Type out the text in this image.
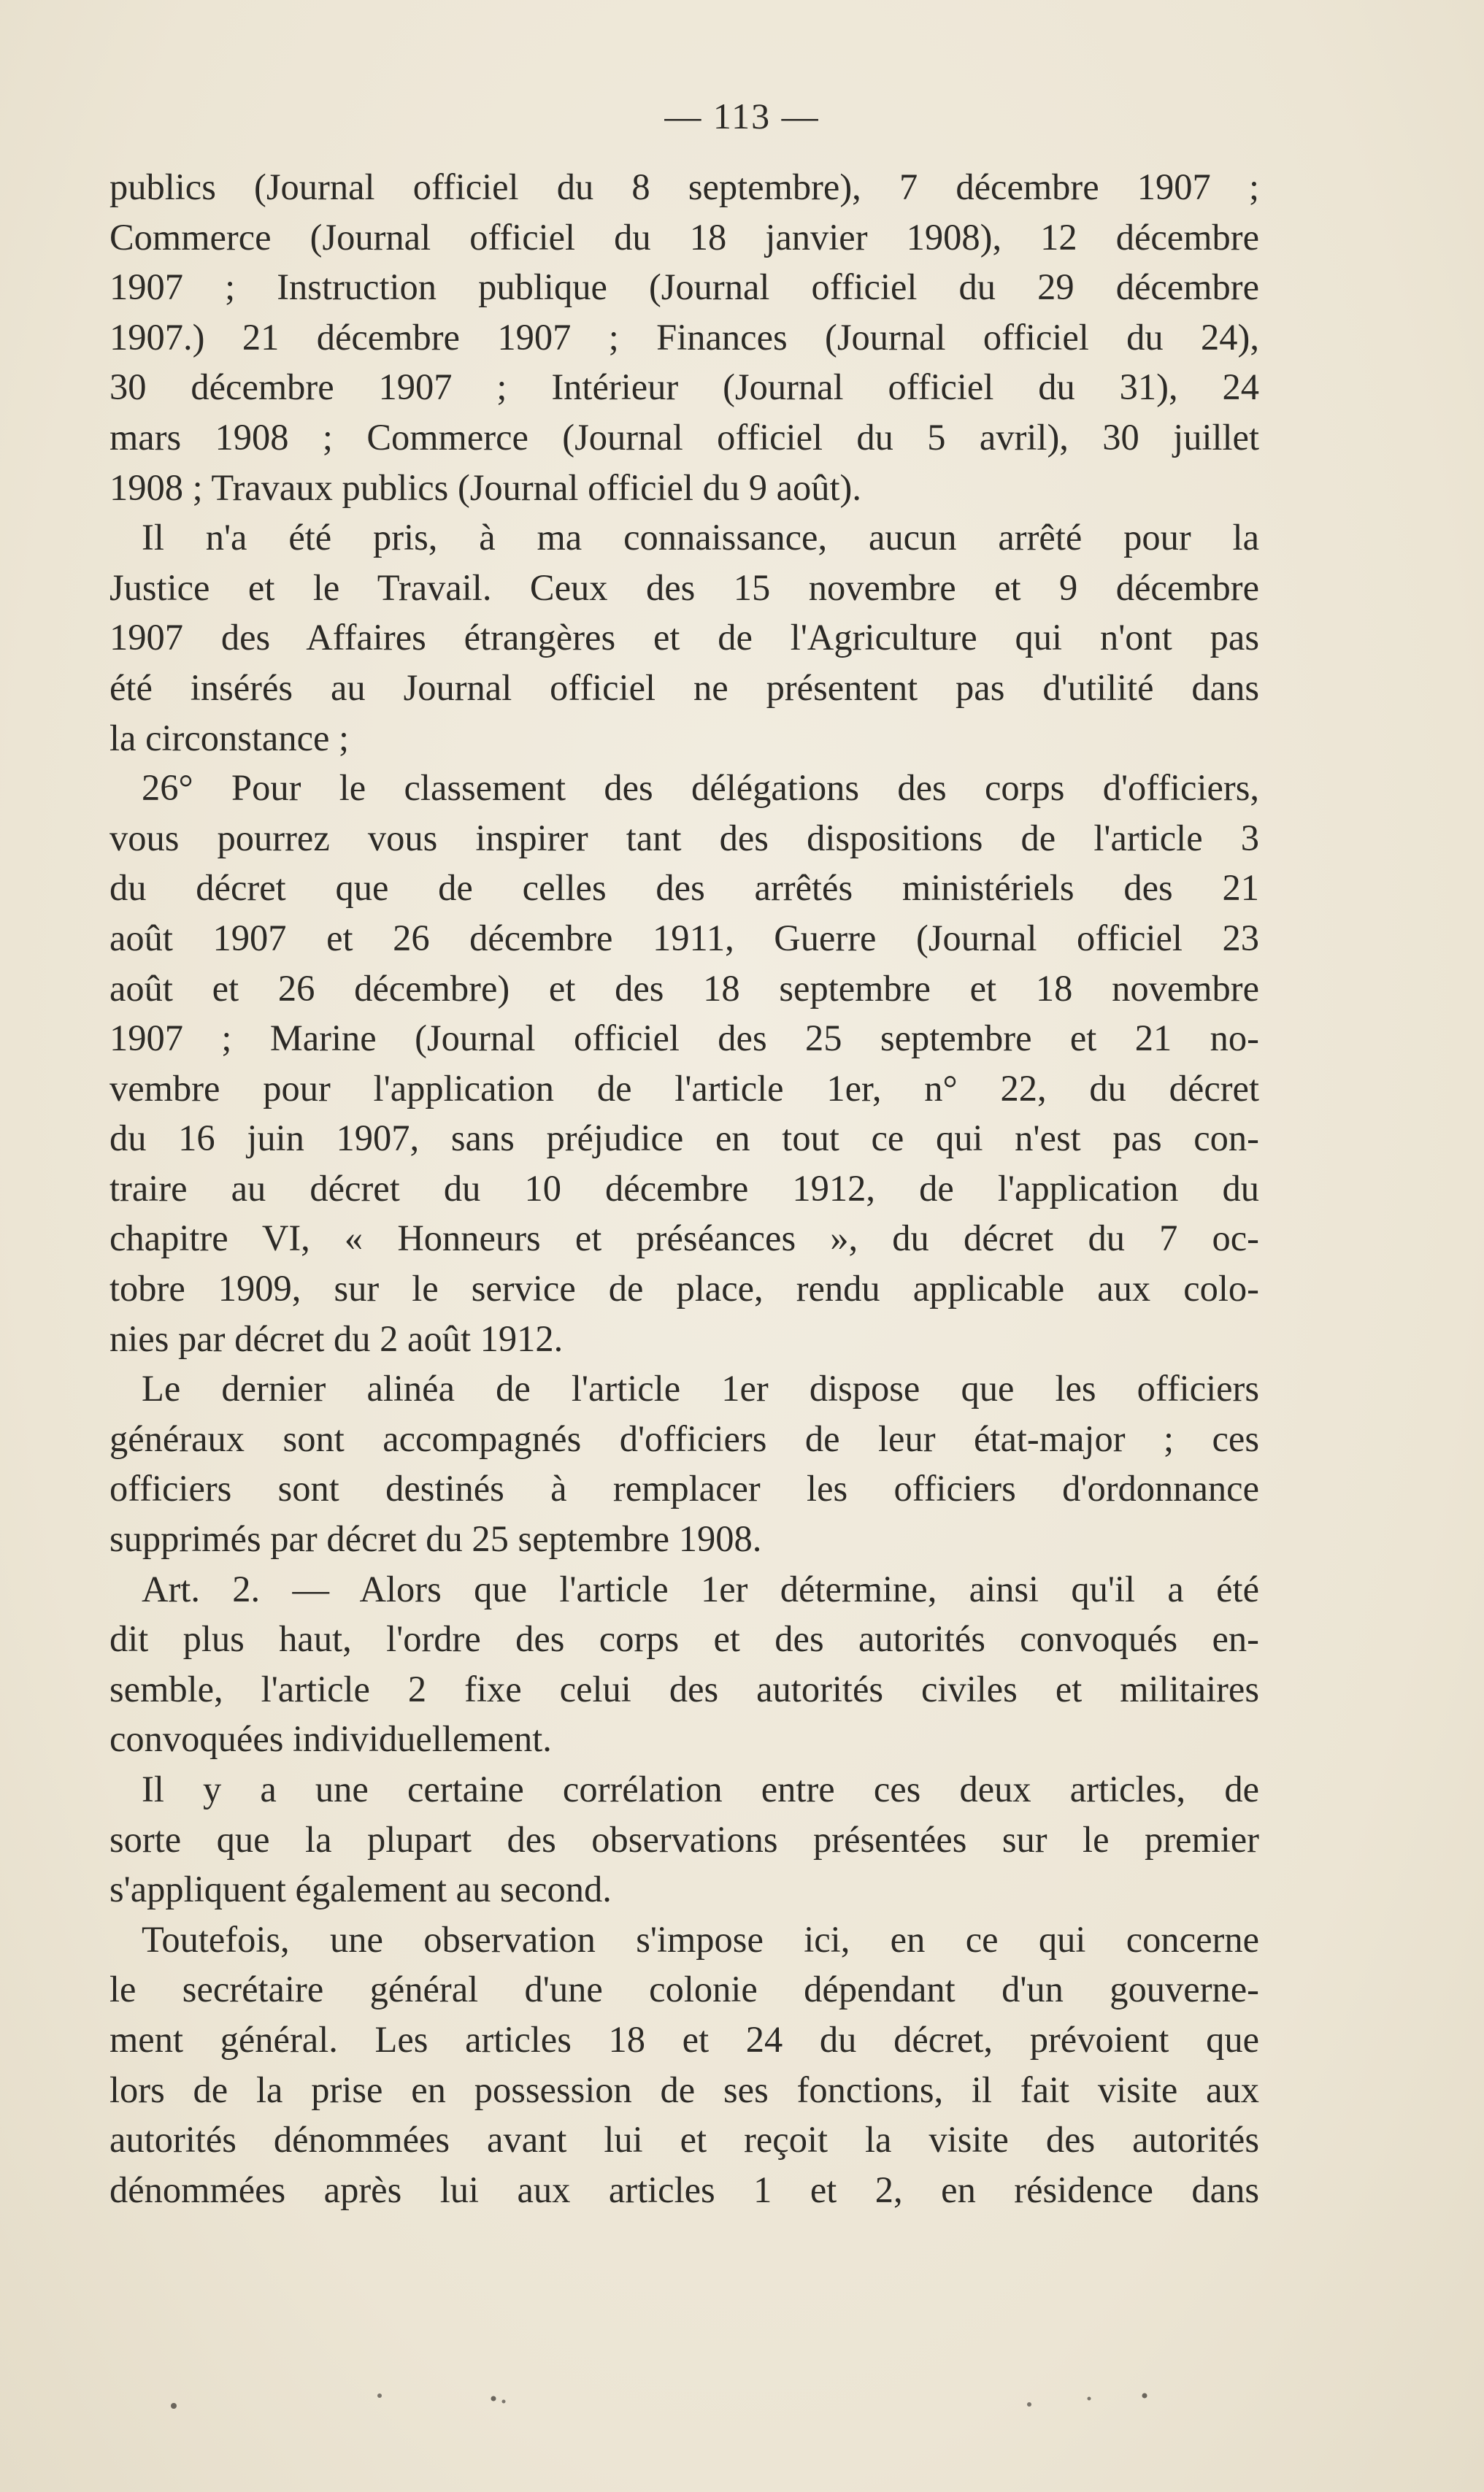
— 113 —
publics (Journal officiel du 8 septembre), 7 décembre 1907 ;
Commerce (Journal officiel du 18 janvier 1908), 12 décembre
1907 ; Instruction publique (Journal officiel du 29 décembre
1907.) 21 décembre 1907 ; Finances (Journal officiel du 24),
30 décembre 1907 ; Intérieur (Journal officiel du 31), 24
mars 1908 ; Commerce (Journal officiel du 5 avril), 30 juillet
1908 ; Travaux publics (Journal officiel du 9 août).
Il n'a été pris, à ma connaissance, aucun arrêté pour la
Justice et le Travail. Ceux des 15 novembre et 9 décembre
1907 des Affaires étrangères et de l'Agriculture qui n'ont pas
été insérés au Journal officiel ne présentent pas d'utilité dans
la circonstance ;
26° Pour le classement des délégations des corps d'officiers,
vous pourrez vous inspirer tant des dispositions de l'article 3
du décret que de celles des arrêtés ministériels des 21
août 1907 et 26 décembre 1911, Guerre (Journal officiel 23
août et 26 décembre) et des 18 septembre et 18 novembre
1907 ; Marine (Journal officiel des 25 septembre et 21 no-
vembre pour l'application de l'article 1er, n° 22, du décret
du 16 juin 1907, sans préjudice en tout ce qui n'est pas con-
traire au décret du 10 décembre 1912, de l'application du
chapitre VI, « Honneurs et préséances », du décret du 7 oc-
tobre 1909, sur le service de place, rendu applicable aux colo-
nies par décret du 2 août 1912.
Le dernier alinéa de l'article 1er dispose que les officiers
généraux sont accompagnés d'officiers de leur état-major ; ces
officiers sont destinés à remplacer les officiers d'ordonnance
supprimés par décret du 25 septembre 1908.
Art. 2. — Alors que l'article 1er détermine, ainsi qu'il a été
dit plus haut, l'ordre des corps et des autorités convoqués en-
semble, l'article 2 fixe celui des autorités civiles et militaires
convoquées individuellement.
Il y a une certaine corrélation entre ces deux articles, de
sorte que la plupart des observations présentées sur le premier
s'appliquent également au second.
Toutefois, une observation s'impose ici, en ce qui concerne
le secrétaire général d'une colonie dépendant d'un gouverne-
ment général. Les articles 18 et 24 du décret, prévoient que
lors de la prise en possession de ses fonctions, il fait visite aux
autorités dénommées avant lui et reçoit la visite des autorités
dénommées après lui aux articles 1 et 2, en résidence dans
